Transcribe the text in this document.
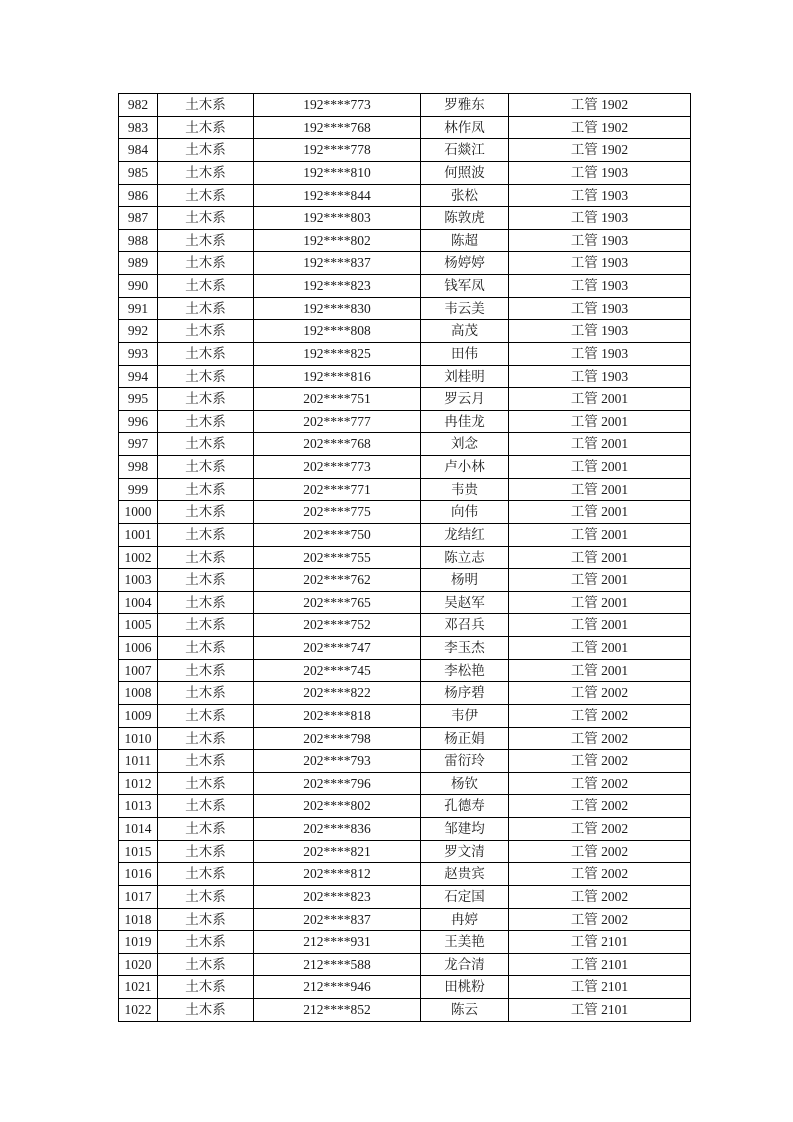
982	土木系	192****773	罗雅东	工管 1902
983	土木系	192****768	林作凤	工管 1902
984	土木系	192****778	石燚江	工管 1902
985	土木系	192****810	何照波	工管 1903
986	土木系	192****844	张松	工管 1903
987	土木系	192****803	陈敦虎	工管 1903
988	土木系	192****802	陈超	工管 1903
989	土木系	192****837	杨婷婷	工管 1903
990	土木系	192****823	钱军凤	工管 1903
991	土木系	192****830	韦云美	工管 1903
992	土木系	192****808	高茂	工管 1903
993	土木系	192****825	田伟	工管 1903
994	土木系	192****816	刘桂明	工管 1903
995	土木系	202****751	罗云月	工管 2001
996	土木系	202****777	冉佳龙	工管 2001
997	土木系	202****768	刘念	工管 2001
998	土木系	202****773	卢小林	工管 2001
999	土木系	202****771	韦贵	工管 2001
1000	土木系	202****775	向伟	工管 2001
1001	土木系	202****750	龙结红	工管 2001
1002	土木系	202****755	陈立志	工管 2001
1003	土木系	202****762	杨明	工管 2001
1004	土木系	202****765	吴赵军	工管 2001
1005	土木系	202****752	邓召兵	工管 2001
1006	土木系	202****747	李玉杰	工管 2001
1007	土木系	202****745	李松艳	工管 2001
1008	土木系	202****822	杨序碧	工管 2002
1009	土木系	202****818	韦伊	工管 2002
1010	土木系	202****798	杨正娟	工管 2002
1011	土木系	202****793	雷衍玲	工管 2002
1012	土木系	202****796	杨钦	工管 2002
1013	土木系	202****802	孔德寿	工管 2002
1014	土木系	202****836	邹建均	工管 2002
1015	土木系	202****821	罗文清	工管 2002
1016	土木系	202****812	赵贵宾	工管 2002
1017	土木系	202****823	石定国	工管 2002
1018	土木系	202****837	冉婷	工管 2002
1019	土木系	212****931	王美艳	工管 2101
1020	土木系	212****588	龙合清	工管 2101
1021	土木系	212****946	田桃粉	工管 2101
1022	土木系	212****852	陈云	工管 2101
